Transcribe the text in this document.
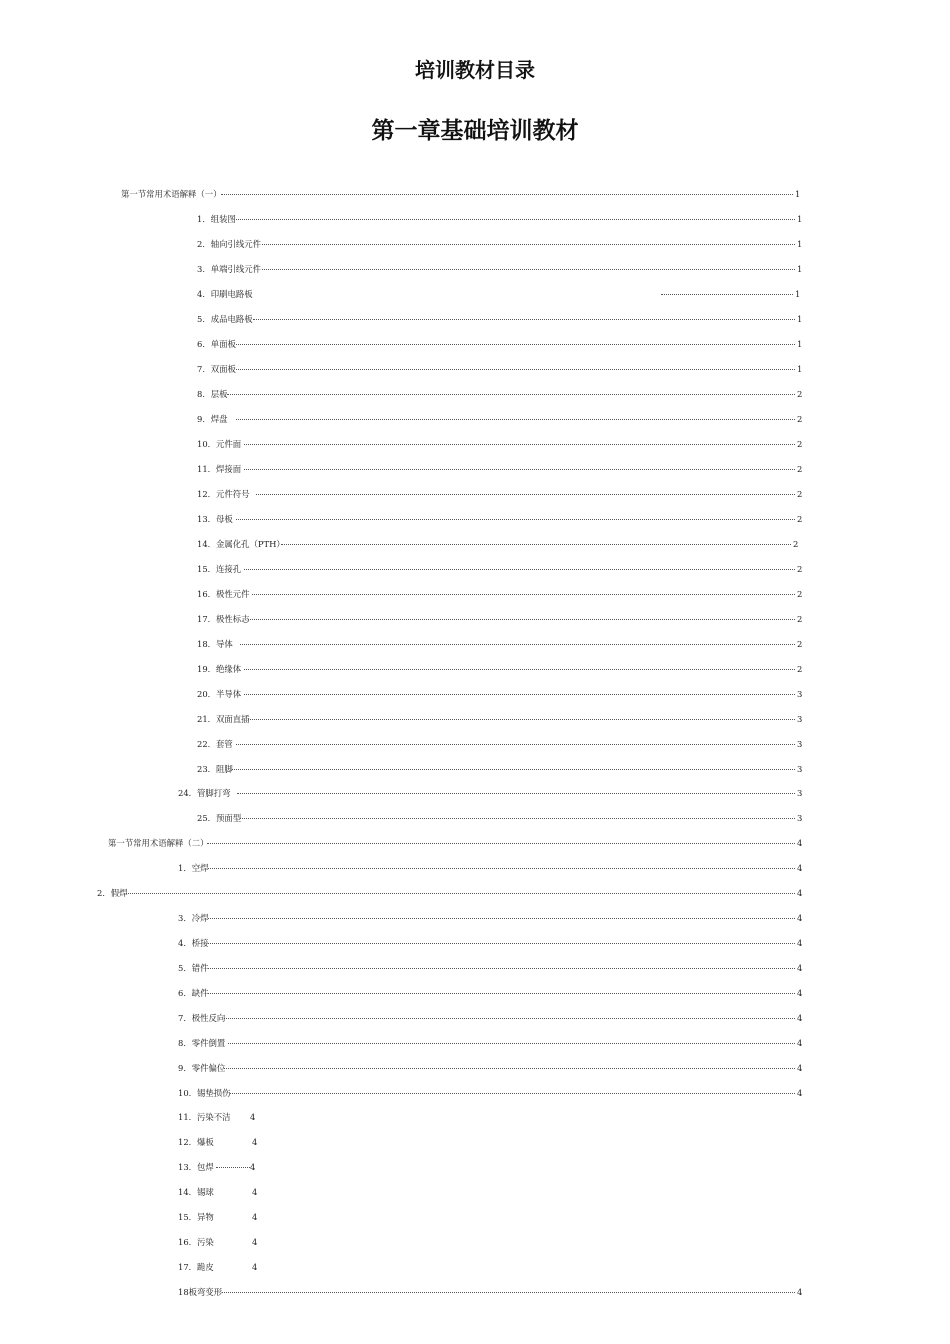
培训教材目录
第一章基础培训教材
第一节常用术语解释（一）	1
1．组装图	1
2．轴向引线元件	1
3．单端引线元件	1
4．印刷电路板	1
5．成品电路板	1
6．单面板	1
7．双面板	1
8．层板	2
9．焊盘	2
10．元件面	2
11．焊接面	2
12．元件符号	2
13．母板	2
14．金属化孔（PTH）	2
15．连接孔	2
16．极性元件	2
17．极性标志	2
18．导体	2
19．绝缘体	2
20．半导体	3
21．双面直插	3
22．套管	3
23．阻脚	3
24．管脚打弯	3
25．预面型	3
第一节常用术语解释（二）	4
1．空焊	4
2．假焊	4
3．冷焊	4
4．桥接	4
5．错件	4
6．缺件	4
7．极性反向	4
8．零件倒置	4
9．零件偏位	4
10．锡垫损伤	4
11．污染不洁 4
12．爆板	4
13．包焊	4
14．锡球	4
15．异物	4
16．污染	4
17．跪皮	4
18板弯变形	4
